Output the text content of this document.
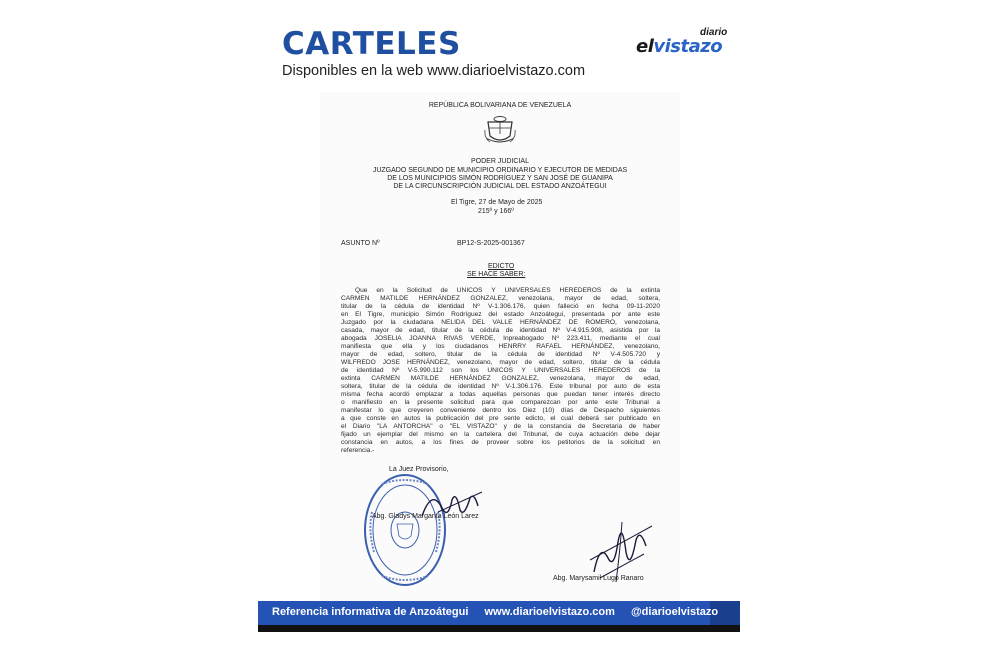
CARTELES
Disponibles en la web www.diarioelvistazo.com
diario
elvistazo
REPÚBLICA BOLIVARIANA DE VENEZUELA
PODER JUDICIAL
JUZGADO SEGUNDO DE MUNICIPIO ORDINARIO Y EJECUTOR DE MEDIDAS
DE LOS MUNICIPIOS SIMÓN RODRÍGUEZ Y SAN JOSÉ DE GUANIPA
DE LA CIRCUNSCRIPCIÓN JUDICIAL DEL ESTADO ANZOÁTEGUI
El Tigre, 27 de Mayo de 2025
215º y 166º
ASUNTO Nº	BP12-S-2025-001367
EDICTO
SE HACE SABER:
Que en la Solicitud de UNICOS Y UNIVERSALES HEREDEROS de la extinta
CARMEN MATILDE HERNÁNDEZ GONZALEZ, venezolana, mayor de edad, soltera,
titular de la cédula de identidad Nº V-1.306.176, quien falleció en fecha 09-11-2020
en El Tigre, municipio Simón Rodríguez del estado Anzoátegui, presentada por ante este
Juzgado por la ciudadana NELIDA DEL VALLE HERNÁNDEZ DE ROMERO, venezolana,
casada, mayor de edad, titular de la cédula de identidad Nº V-4.915.908, asistida por la
abogada JOSELIA JOANNA RIVAS VERDE, Inpreabogado Nº 223.411, mediante el cual
manifiesta que ella y los ciudadanos HENRRY RAFAEL HERNÁNDEZ, venezolano,
mayor de edad, soltero, titular de la cédula de identidad Nº V-4.505.720 y
WILFREDO JOSE HERNÁNDEZ, venezolano, mayor de edad, soltero, titular de la cédula
de identidad Nº V-5.990.112 son los UNICOS Y UNIVERSALES HEREDEROS de la
extinta CARMEN MATILDE HERNÁNDEZ GONZALEZ, venezolana, mayor de edad,
soltera, titular de la cédula de identidad Nº V-1.306.176. Este tribunal por auto de esta
misma fecha acordó emplazar a todas aquellas personas que puedan tener interés directo
o manifiesto en la presente solicitud para que comparezcan por ante este Tribunal a
manifestar lo que creyeren conveniente dentro los Diez (10) días de Despacho siguientes
a que conste en autos la publicación del pre sente edicto, el cual deberá ser publicado en
el Diario "LA ANTORCHA" o "EL VISTAZO" y de la constancia de Secretaria de haber
fijado un ejemplar del mismo en la cartelera del Tribunal, de cuya actuación debe dejar
constancia en autos, a los fines de proveer sobre los petitorios de la solicitud en
referencia.-
La Juez Provisorio,
Abg. Gladys Margarita León Larez
Abg. Marysamil Lugo Ranaro
Referencia informativa de Anzoátegui www.diarioelvistazo.com @diarioelvistazo
